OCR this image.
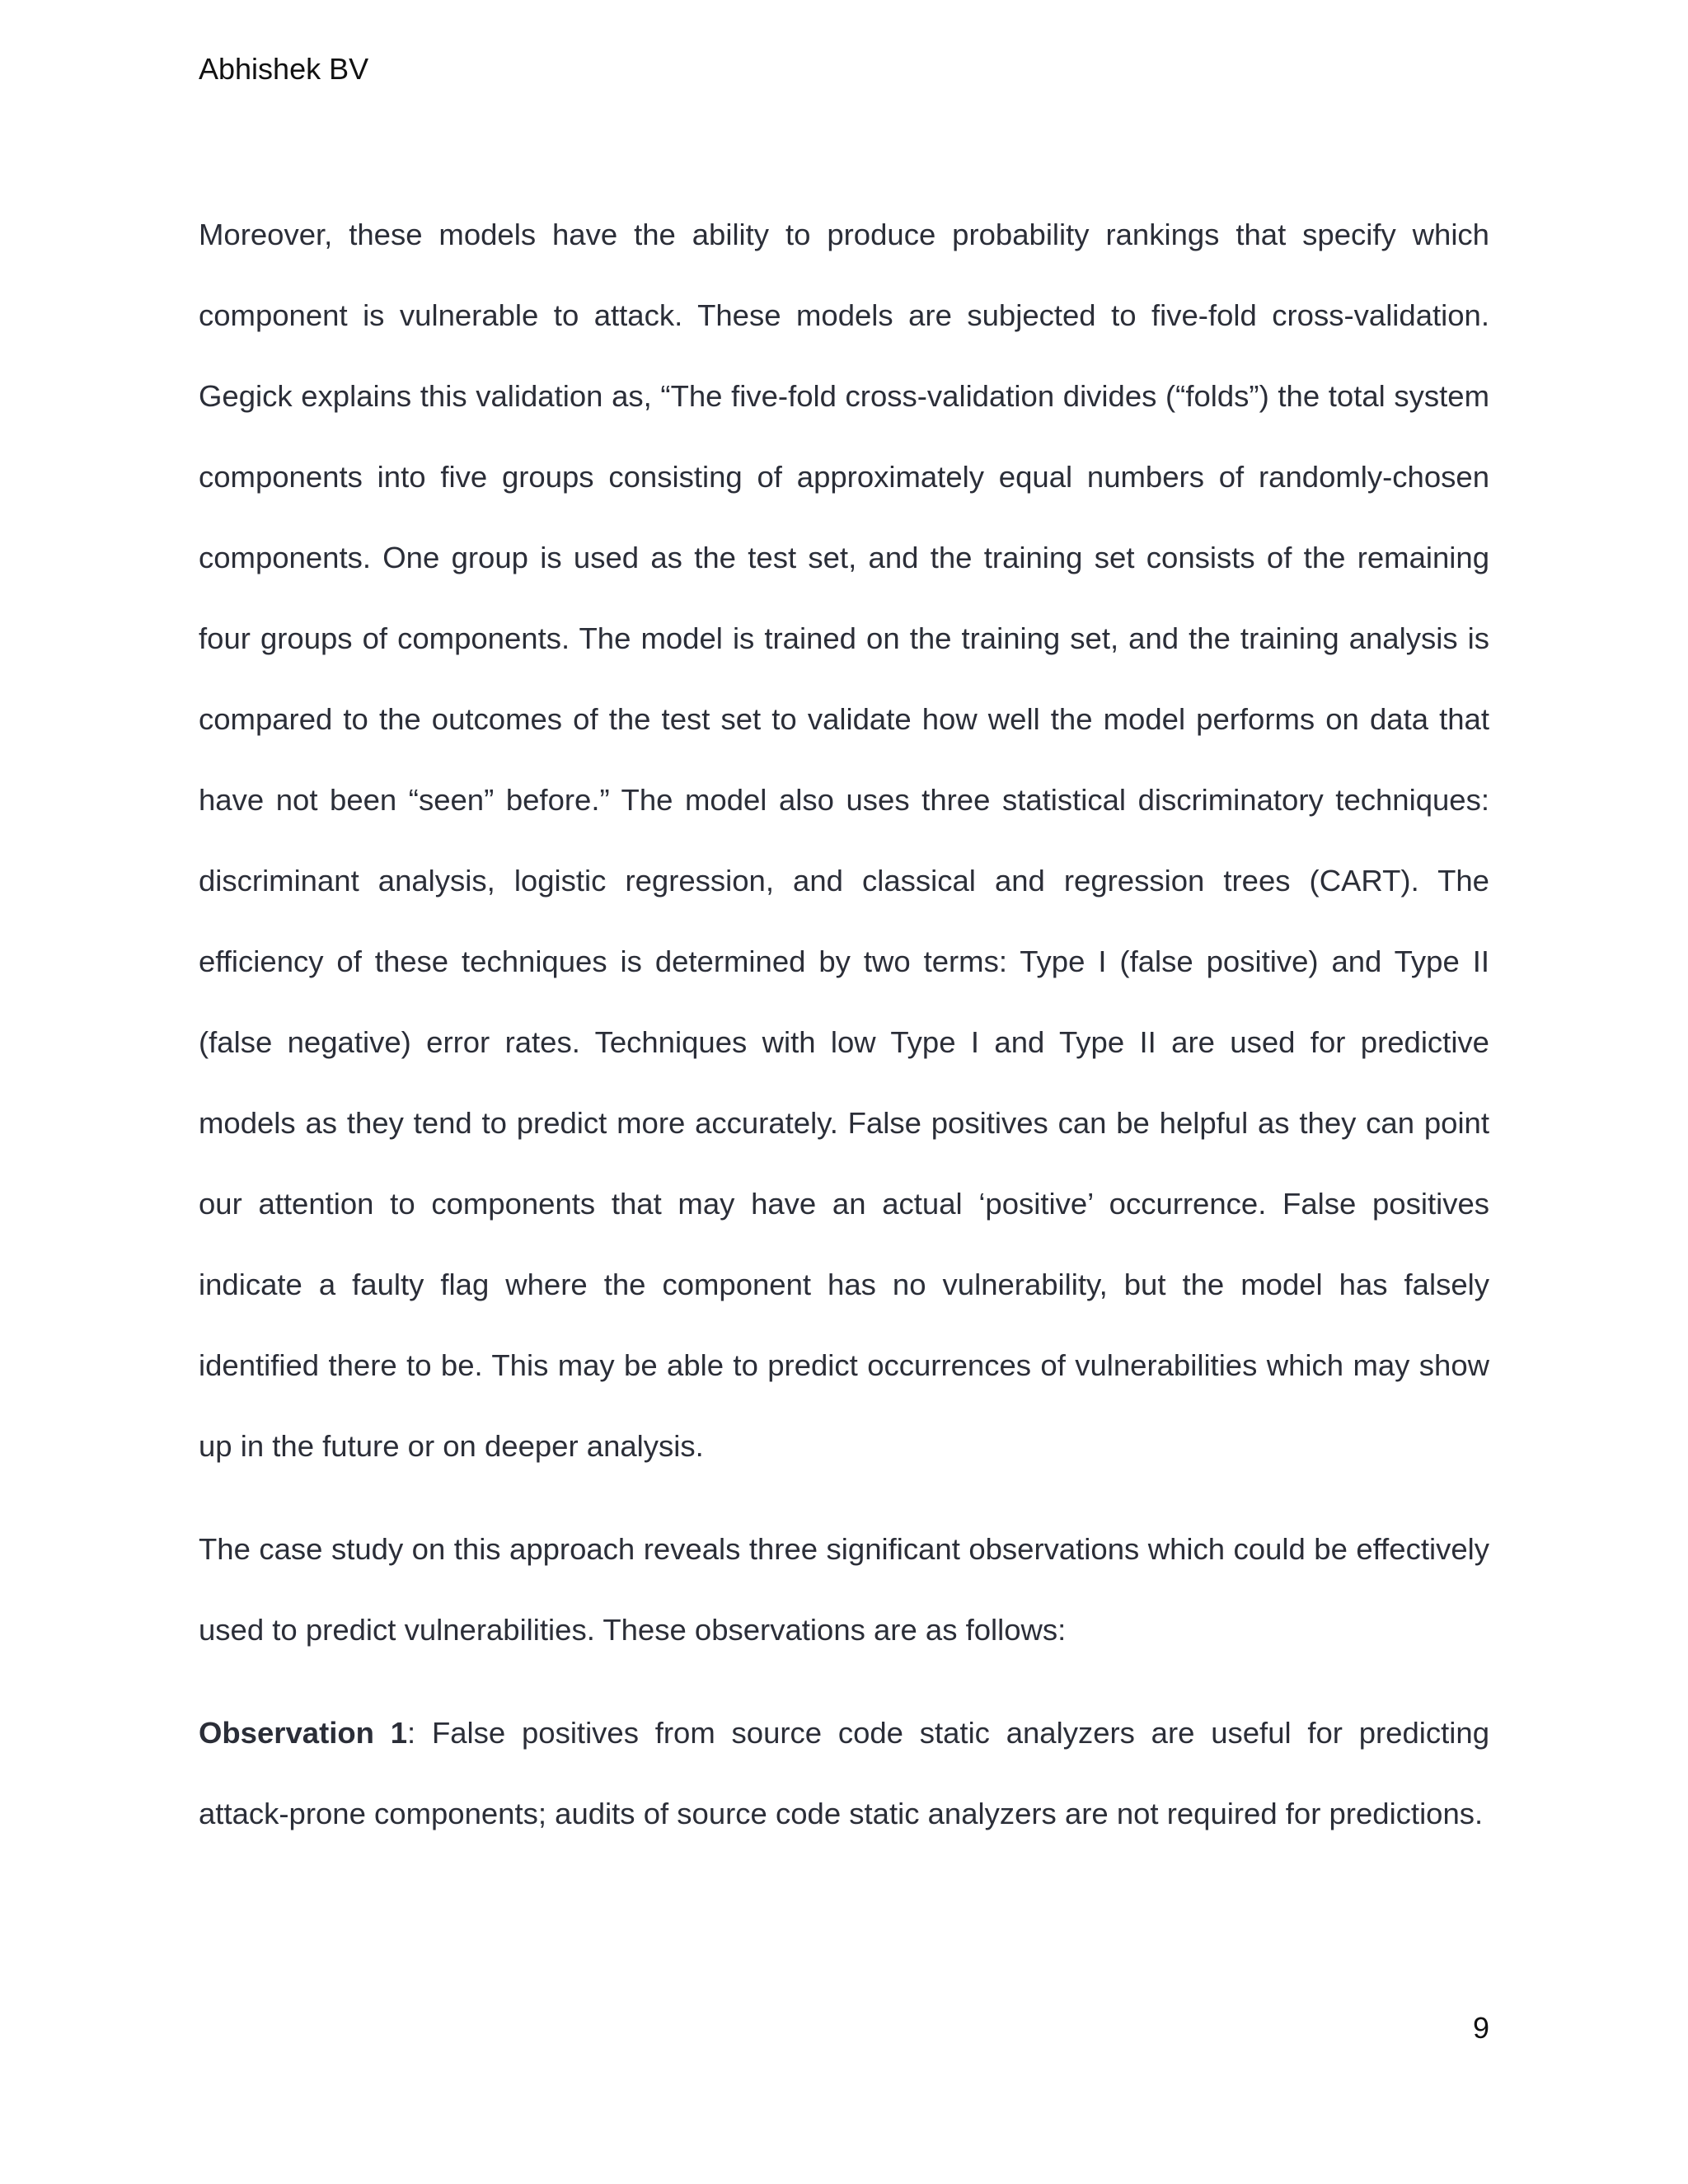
Abhishek BV

Moreover, these models have the ability to produce probability rankings that specify which component is vulnerable to attack. These models are subjected to five-fold cross-validation. Gegick explains this validation as, “The five-fold cross-validation divides (“folds”) the total system components into five groups consisting of approximately equal numbers of randomly-chosen components. One group is used as the test set, and the training set consists of the remaining four groups of components. The model is trained on the training set, and the training analysis is compared to the outcomes of the test set to validate how well the model performs on data that have not been “seen” before.” The model also uses three statistical discriminatory techniques: discriminant analysis, logistic regression, and classical and regression trees (CART). The efficiency of these techniques is determined by two terms: Type I (false positive) and Type II (false negative) error rates. Techniques with low Type I and Type II are used for predictive models as they tend to predict more accurately. False positives can be helpful as they can point our attention to components that may have an actual ‘positive’ occurrence. False positives indicate a faulty flag where the component has no vulnerability, but the model has falsely identified there to be. This may be able to predict occurrences of vulnerabilities which may show up in the future or on deeper analysis.

The case study on this approach reveals three significant observations which could be effectively used to predict vulnerabilities. These observations are as follows:

Observation 1: False positives from source code static analyzers are useful for predicting attack-prone components; audits of source code static analyzers are not required for predictions.

9
